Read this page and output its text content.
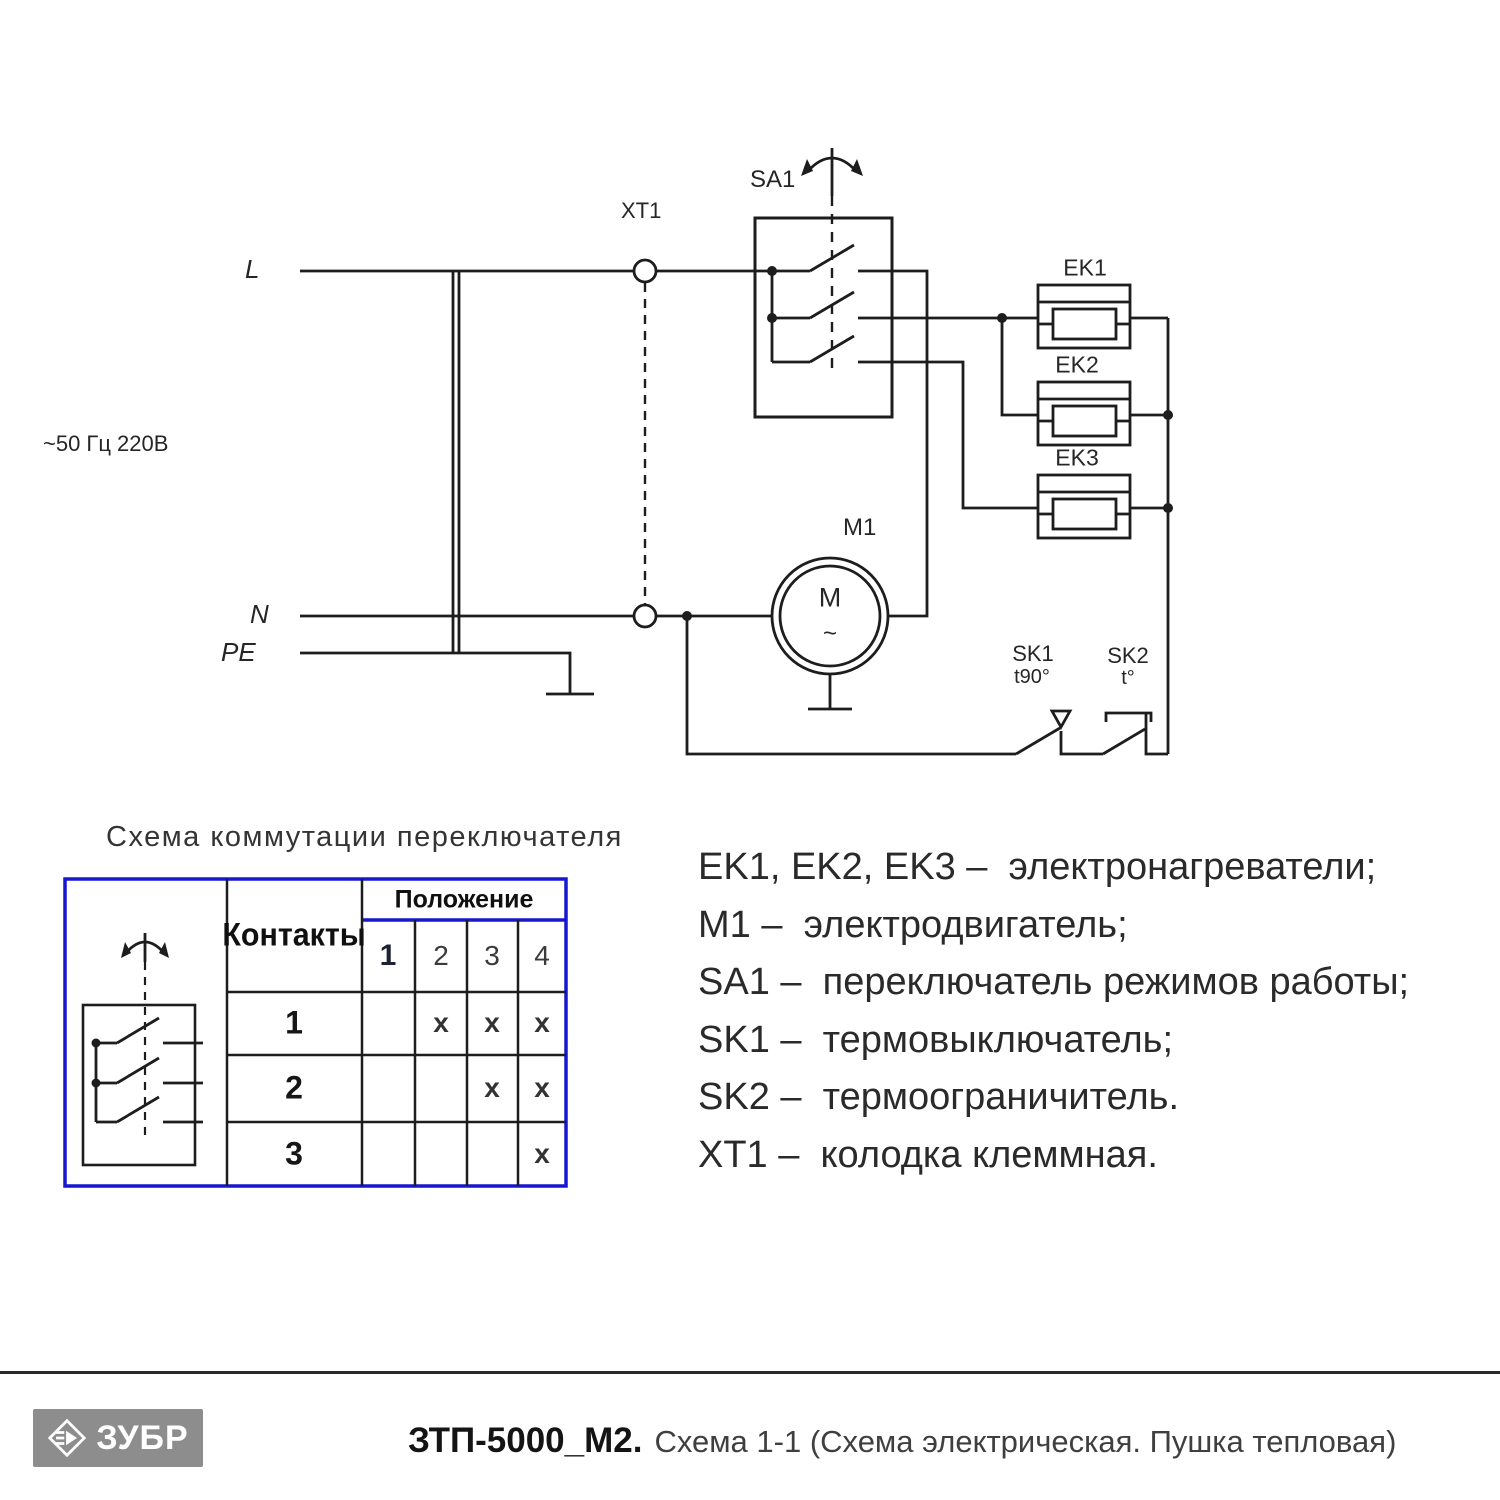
L
N
PE
~50 Гц 220В
XT1
SA1
M1
M
~
EK1
EK2
EK3
SK1
t90°
SK2
t°
Схема коммутации переключателя
Контакты
Положение
1 2 3 4
1
2
3
x x x
x x
x
EK1, EK2, EK3 –  электронагреватели;
M1 –  электродвигатель;
SA1 –  переключатель режимов работы;
SK1 –  термовыключатель;
SK2 –  термоограничитель.
XT1 –  колодка клеммная.
ЗУБР	ЗТП-5000_М2. Схема 1-1 (Схема электрическая. Пушка тепловая)
